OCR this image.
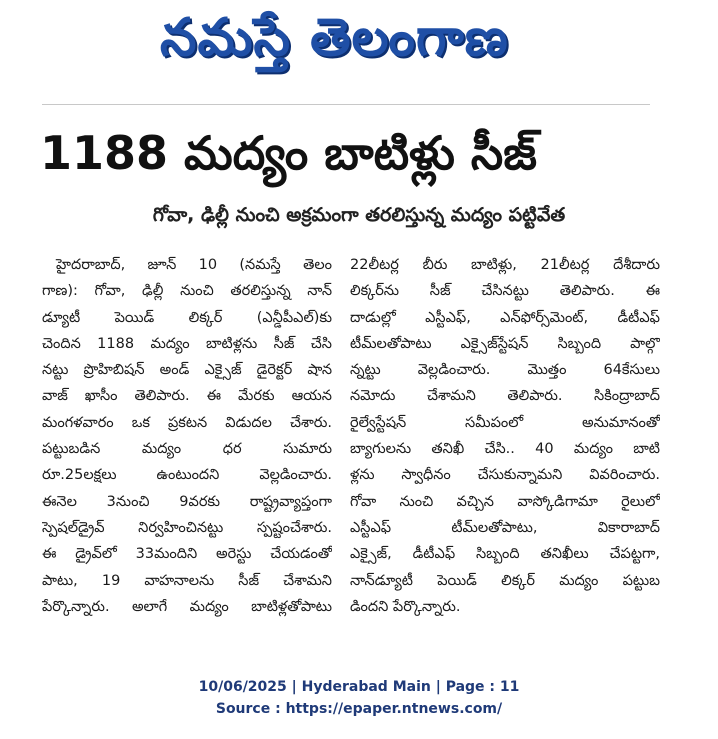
నమస్తే తెలంగాణ
1188 మద్యం బాటిళ్లు సీజ్
గోవా, ఢిల్లీ నుంచి అక్రమంగా తరలిస్తున్న మద్యం పట్టివేత
హైదరాబాద్, జూన్ 10 (నమస్తే తెలం
గాణ): గోవా, ఢిల్లీ నుంచి తరలిస్తున్న నాన్
డ్యూటీ పెయిడ్ లిక్కర్ (ఎన్డీపీఎల్)కు
చెందిన 1188 మద్యం బాటిళ్లను సీజ్ చేసి
నట్టు ప్రొహిబిషన్ అండ్ ఎక్సైజ్ డైరెక్టర్ షాన
వాజ్ ఖాసీం తెలిపారు. ఈ మేరకు ఆయన
మంగళవారం ఒక ప్రకటన విడుదల చేశారు.
పట్టుబడిన మద్యం ధర సుమారు
రూ.25లక్షలు ఉంటుందని వెల్లడించారు.
ఈనెల 3నుంచి 9వరకు రాష్ట్రవ్యాప్తంగా
స్పెషల్‌డ్రైవ్ నిర్వహించినట్టు స్పష్టంచేశారు.
ఈ డ్రైవ్‌లో 33మందిని అరెస్టు చేయడంతో
పాటు, 19 వాహనాలను సీజ్ చేశామని
పేర్కొన్నారు. అలాగే మద్యం బాటిళ్లతోపాటు
22లీటర్ల బీరు బాటిళ్లు, 21లీటర్ల దేశీదారు
లిక్కర్‌ను సీజ్ చేసినట్టు తెలిపారు. ఈ
దాడుల్లో ఎస్టీఎఫ్, ఎన్‌ఫోర్స్‌మెంట్, డీటీఎఫ్
టీమ్‌లతోపాటు ఎక్సైజ్‌స్టేషన్ సిబ్బంది పాల్గొ
న్నట్టు వెల్లడించారు. మొత్తం 64కేసులు
నమోదు చేశామని తెలిపారు. సికింద్రాబాద్
రైల్వేస్టేషన్ సమీపంలో అనుమానంతో
బ్యాగులను తనిఖీ చేసి.. 40 మద్యం బాటి
ళ్లను స్వాధీనం చేసుకున్నామని వివరించారు.
గోవా నుంచి వచ్చిన వాస్కోడిగామా రైలులో
ఎస్టీఎఫ్ టీమ్‌లతోపాటు, వికారాబాద్
ఎక్సైజ్, డీటీఎఫ్ సిబ్బంది తనిఖీలు చేపట్టగా,
నాన్‌డ్యూటీ పెయిడ్ లిక్కర్ మద్యం పట్టుబ
డిందని పేర్కొన్నారు.
10/06/2025 | Hyderabad Main | Page : 11
Source : https://epaper.ntnews.com/
